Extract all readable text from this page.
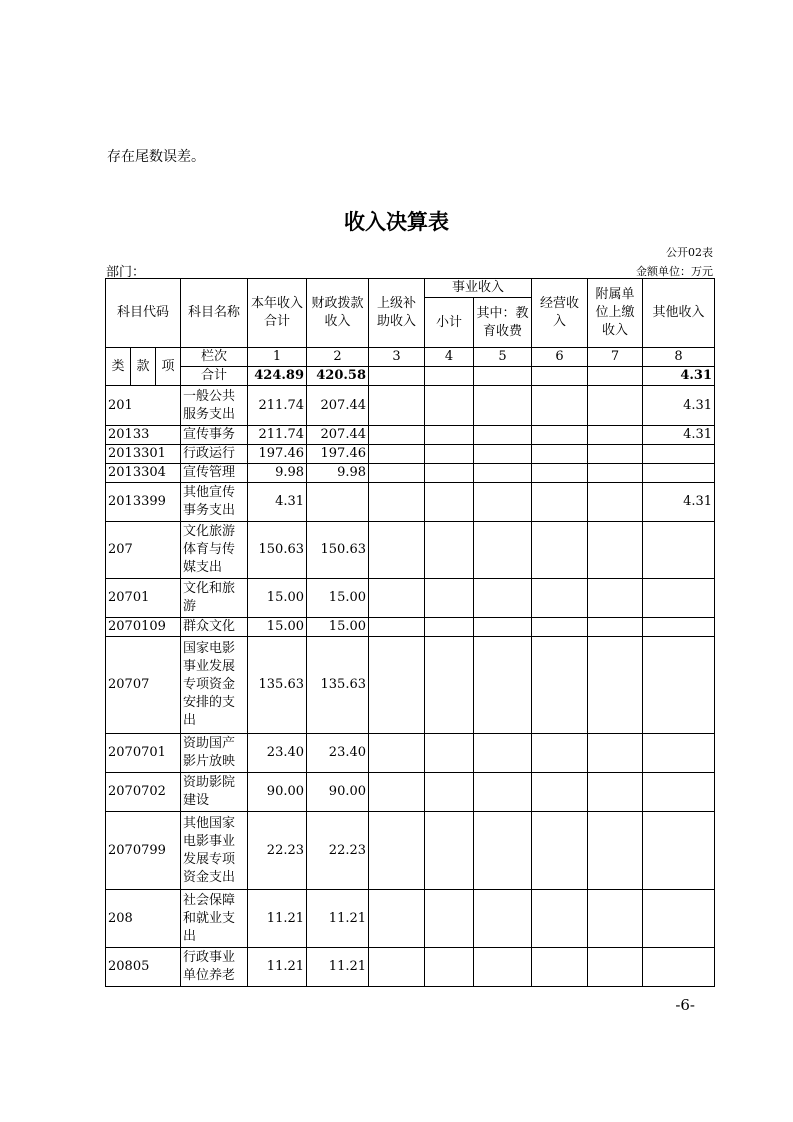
存在尾数误差。
收入决算表
公开02表
部门：	金额单位：万元
科目代码			科目名称	本年收入合计	财政拨款收入	上级补助收入	事业收入		经营收入	附属单位上缴收入	其他收入
							小计	其中：教育收费			

类	款	项	栏次	1	2	3	4	5	6	7	8
			合计	424.89	420.58						4.31
201			一般公共服务支出	211.74	207.44						4.31
20133			宣传事务	211.74	207.44						4.31
2013301			行政运行	197.46	197.46						
2013304			宣传管理	9.98	9.98						
2013399			其他宣传事务支出	4.31							4.31
207			文化旅游体育与传媒支出	150.63	150.63						
20701			文化和旅游	15.00	15.00						
2070109			群众文化	15.00	15.00						
20707			国家电影事业发展专项资金安排的支出	135.63	135.63						
2070701			资助国产影片放映	23.40	23.40						
2070702			资助影院建设	90.00	90.00						
2070799			其他国家电影事业发展专项资金支出	22.23	22.23						
208			社会保障和就业支出	11.21	11.21						
20805			行政事业单位养老	11.21	11.21						
-6-
